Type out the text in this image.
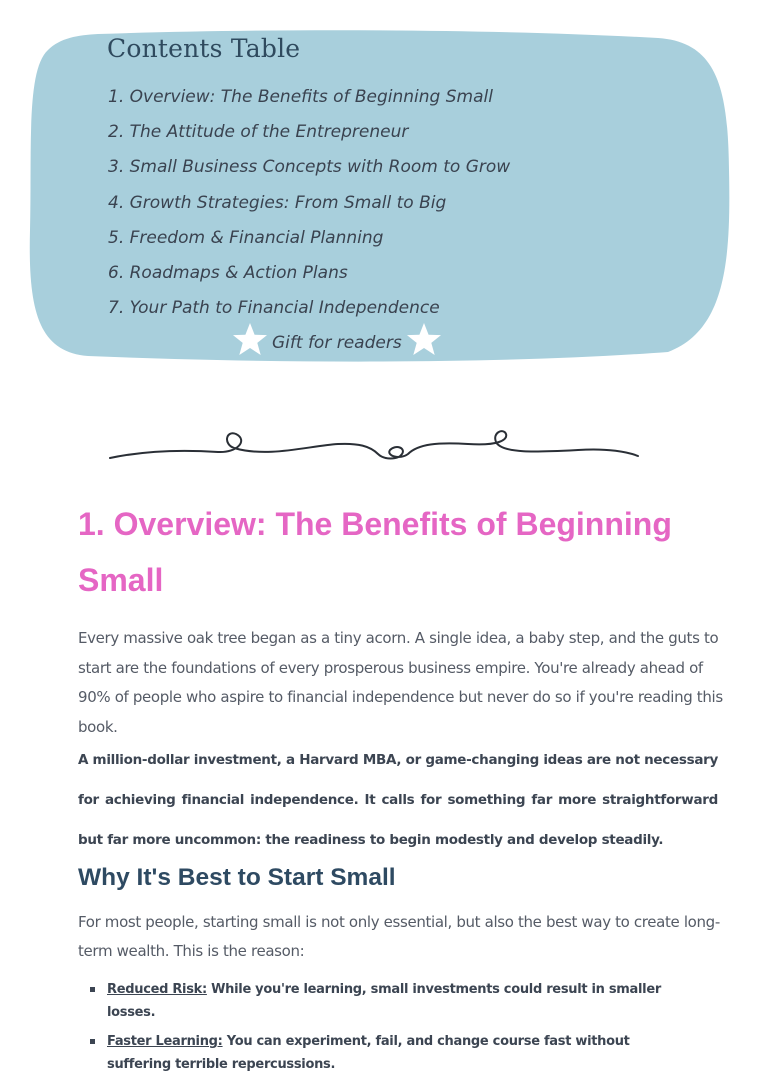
Contents Table
1. Overview: The Benefits of Beginning Small
2. The Attitude of the Entrepreneur
3. Small Business Concepts with Room to Grow
4. Growth Strategies: From Small to Big
5. Freedom & Financial Planning
6. Roadmaps & Action Plans
7. Your Path to Financial Independence
Gift for readers
1. Overview: The Benefits of Beginning Small

Every massive oak tree began as a tiny acorn. A single idea, a baby step, and the guts to start are the foundations of every prosperous business empire. You're already ahead of 90% of people who aspire to financial independence but never do so if you're reading this book.

A million-dollar investment, a Harvard MBA, or game-changing ideas are not necessary for achieving financial independence. It calls for something far more straightforward but far more uncommon: the readiness to begin modestly and develop steadily.

Why It's Best to Start Small

For most people, starting small is not only essential, but also the best way to create long-term wealth. This is the reason:

Reduced Risk: While you're learning, small investments could result in smaller losses.
Faster Learning: You can experiment, fail, and change course fast without suffering terrible repercussions.
